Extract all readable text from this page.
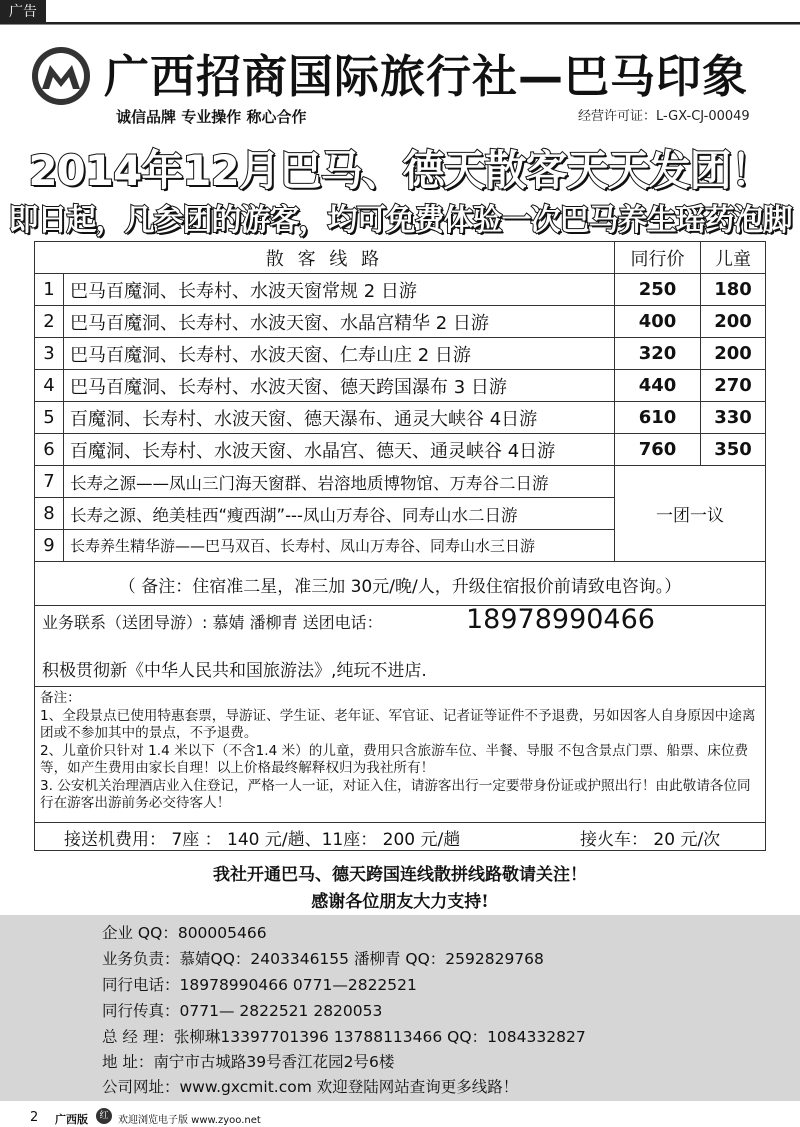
广告
广西招商国际旅行社—巴马印象
诚信品牌 专业操作 称心合作	经营许可证：L-GX-CJ-00049
2014年12月巴马、德天散客天天发团！
即日起，凡参团的游客，均可免费体验一次巴马养生瑶药泡脚
散 客 线 路		同行价	儿童
1	巴马百魔洞、长寿村、水波天窗常规 2 日游	250	180
2	巴马百魔洞、长寿村、水波天窗、水晶宫精华 2 日游	400	200
3	巴马百魔洞、长寿村、水波天窗、仁寿山庄 2 日游	320	200
4	巴马百魔洞、长寿村、水波天窗、德天跨国瀑布 3 日游	440	270
5	百魔洞、长寿村、水波天窗、德天瀑布、通灵大峡谷 4日游	610	330
6	百魔洞、长寿村、水波天窗、水晶宫、德天、通灵峡谷 4日游	760	350
7	长寿之源——凤山三门海天窗群、岩溶地质博物馆、万寿谷二日游	一团一议	
8	长寿之源、绝美桂西“瘦西湖”---凤山万寿谷、同寿山水二日游		
9	长寿养生精华游——巴马双百、长寿村、凤山万寿谷、同寿山水三日游		
（ 备注：住宿准二星，准三加 30元/晚/人，升级住宿报价前请致电咨询。）
业务联系（送团导游）: 慕婧 潘柳青 送团电话：	18978990466
积极贯彻新《中华人民共和国旅游法》,纯玩不进店.
备注：
1、全段景点已使用特惠套票，导游证、学生证、老年证、军官证、记者证等证件不予退费，另如因客人自身原因中途离团或不参加其中的景点，不予退费。
2、儿童价只针对 1.4 米以下（不含1.4 米）的儿童，费用只含旅游车位、半餐、导服 不包含景点门票、船票、床位费等，如产生费用由家长自理！以上价格最终解释权归为我社所有！
3. 公安机关治理酒店业入住登记，严格一人一证，对证入住，请游客出行一定要带身份证或护照出行！由此敬请各位同行在游客出游前务必交待客人！
接送机费用： 7座 ： 140 元/趟、11座： 200 元/趟	接火车： 20 元/次
我社开通巴马、德天跨国连线散拼线路敬请关注！
感谢各位朋友大力支持!
企业 QQ：800005466
业务负责：慕婧QQ：2403346155 潘柳青 QQ：2592829768
同行电话：18978990466 0771—2822521
同行传真：0771— 2822521 2820053
总 经 理：张柳琳13397701396 13788113466 QQ：1084332827
地 址：南宁市古城路39号香江花园2号6楼
公司网址：www.gxcmit.com 欢迎登陆网站查询更多线路！
2 广西版	红 欢迎浏览电子版 www.zyoo.net
